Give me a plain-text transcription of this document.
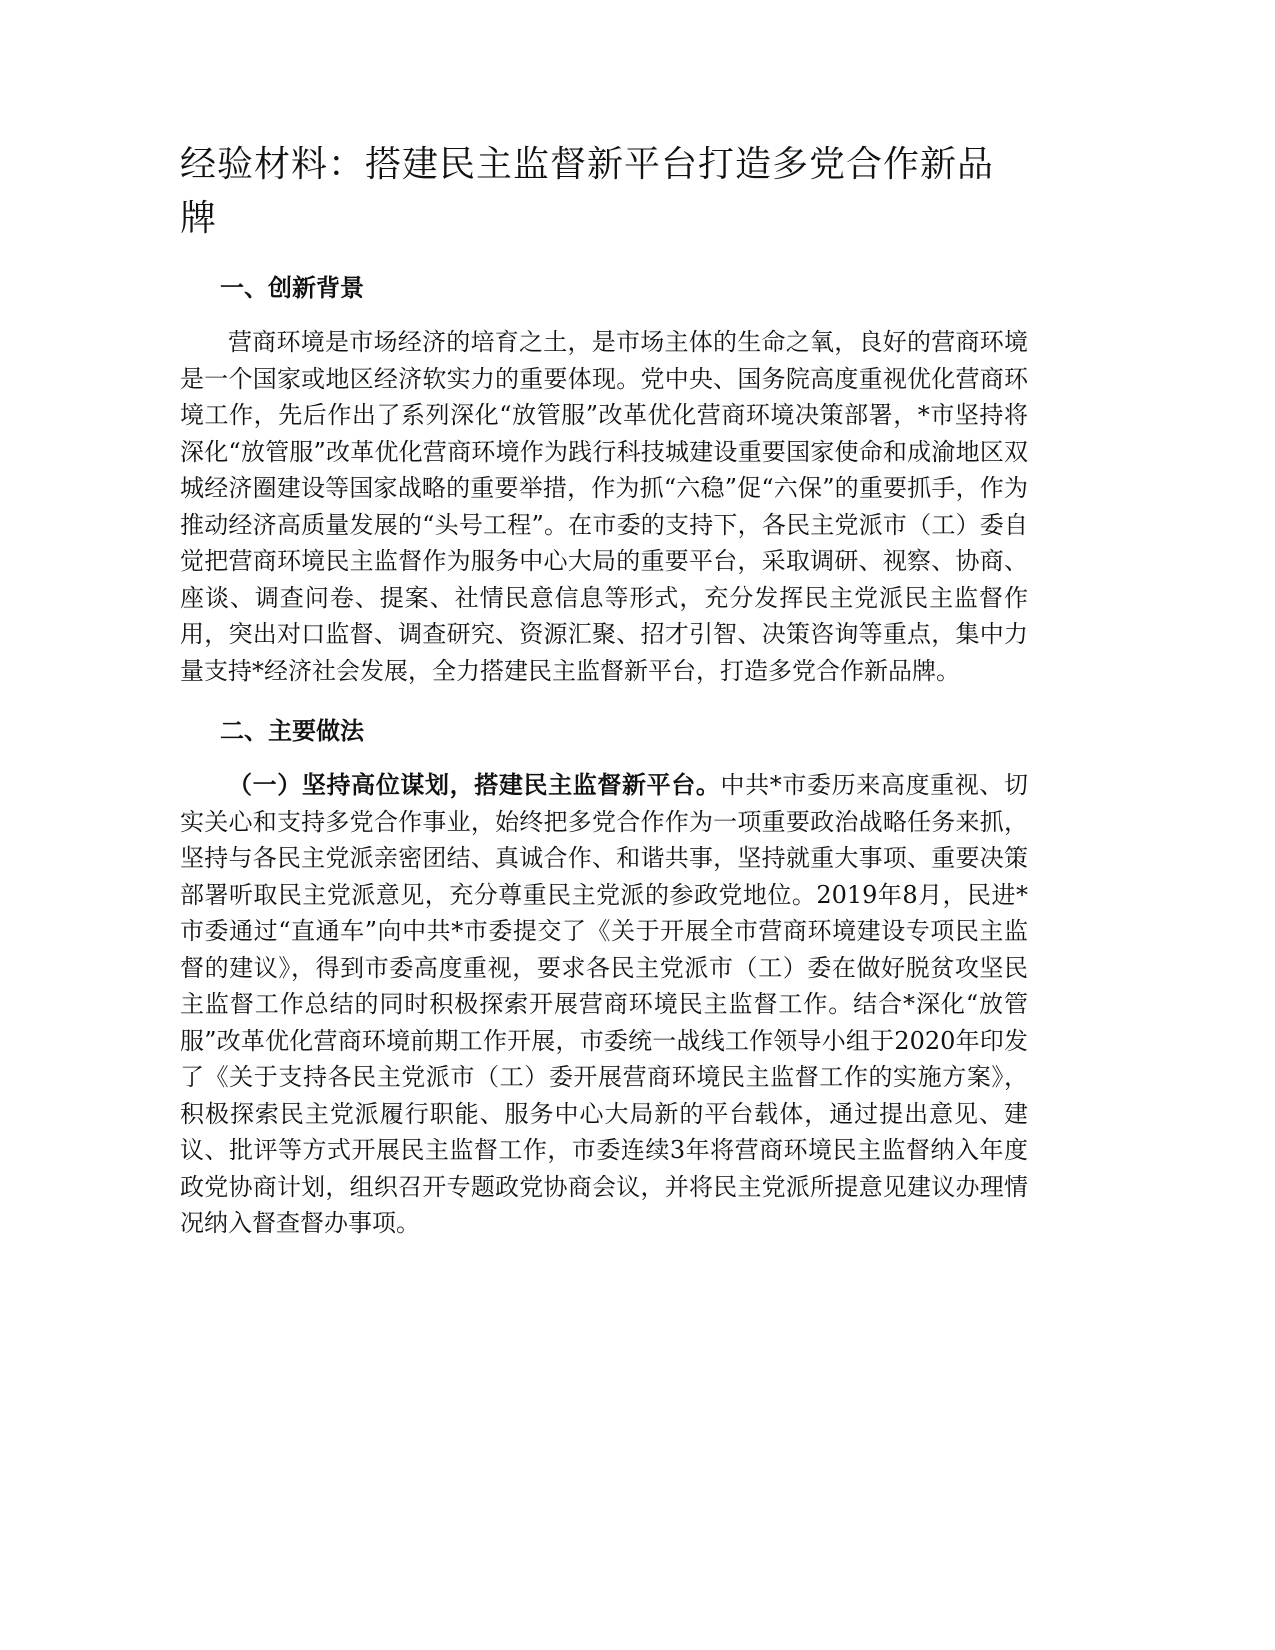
经验材料：搭建民主监督新平台打造多党合作新品牌
一、创新背景

营商环境是市场经济的培育之土，是市场主体的生命之氧，良好的营商环境是一个国家或地区经济软实力的重要体现。党中央、国务院高度重视优化营商环境工作，先后作出了系列深化“放管服”改革优化营商环境决策部署，*市坚持将深化“放管服”改革优化营商环境作为践行科技城建设重要国家使命和成渝地区双城经济圈建设等国家战略的重要举措，作为抓“六稳”促“六保”的重要抓手，作为推动经济高质量发展的“头号工程”。在市委的支持下，各民主党派市（工）委自觉把营商环境民主监督作为服务中心大局的重要平台，采取调研、视察、协商、座谈、调查问卷、提案、社情民意信息等形式，充分发挥民主党派民主监督作用，突出对口监督、调查研究、资源汇聚、招才引智、决策咨询等重点，集中力量支持*经济社会发展，全力搭建民主监督新平台，打造多党合作新品牌。

二、主要做法

（一）坚持高位谋划，搭建民主监督新平台。中共*市委历来高度重视、切实关心和支持多党合作事业，始终把多党合作作为一项重要政治战略任务来抓，坚持与各民主党派亲密团结、真诚合作、和谐共事，坚持就重大事项、重要决策部署听取民主党派意见，充分尊重民主党派的参政党地位。2019年8月，民进*市委通过“直通车”向中共*市委提交了《关于开展全市营商环境建设专项民主监督的建议》，得到市委高度重视，要求各民主党派市（工）委在做好脱贫攻坚民主监督工作总结的同时积极探索开展营商环境民主监督工作。结合*深化“放管服”改革优化营商环境前期工作开展，市委统一战线工作领导小组于2020年印发了《关于支持各民主党派市（工）委开展营商环境民主监督工作的实施方案》，积极探索民主党派履行职能、服务中心大局新的平台载体，通过提出意见、建议、批评等方式开展民主监督工作，市委连续3年将营商环境民主监督纳入年度政党协商计划，组织召开专题政党协商会议，并将民主党派所提意见建议办理情况纳入督查督办事项。
